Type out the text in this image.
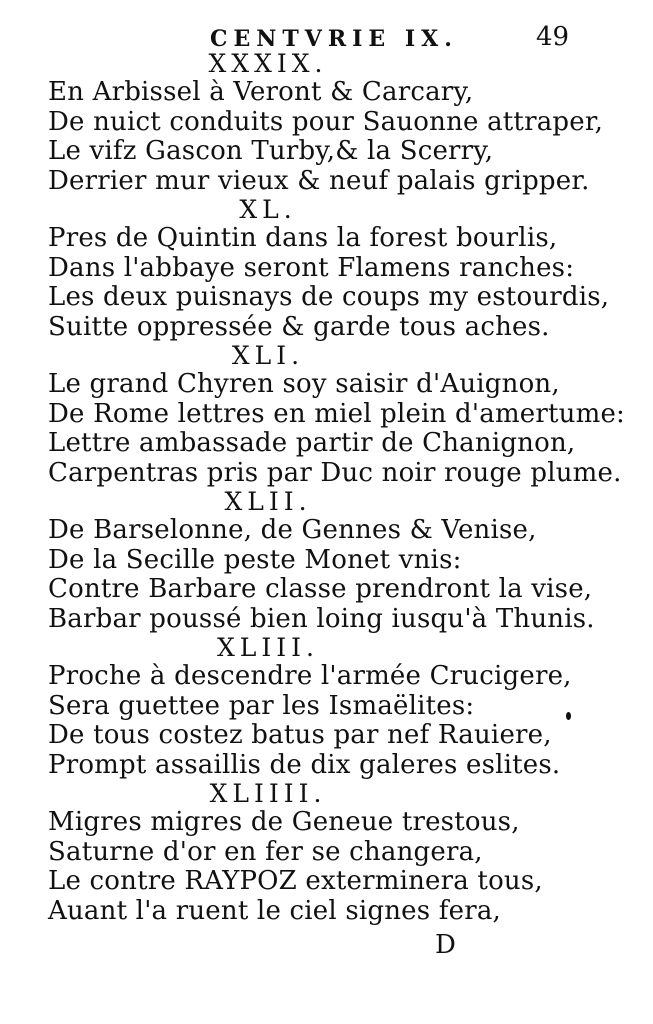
CENTVRIE IX.	49
XXXIX.
En Arbissel à Veront & Carcary,
De nuict conduits pour Sauonne attraper,
Le vifz Gascon Turby,& la Scerry,
Derrier mur vieux & neuf palais gripper.
XL.
Pres de Quintin dans la forest bourlis,
Dans l'abbaye seront Flamens ranches:
Les deux puisnays de coups my estourdis,
Suitte oppressée & garde tous aches.
XLI.
Le grand Chyren soy saisir d'Auignon,
De Rome lettres en miel plein d'amertume:
Lettre ambassade partir de Chanignon,
Carpentras pris par Duc noir rouge plume.
XLII.
De Barselonne, de Gennes & Venise,
De la Secille peste Monet vnis:
Contre Barbare classe prendront la vise,
Barbar poussé bien loing iusqu'à Thunis.
XLIII.
Proche à descendre l'armée Crucigere,
Sera guettee par les Ismaëlites:
De tous costez batus par nef Rauiere,
Prompt assaillis de dix galeres eslites.
XLIIII.
Migres migres de Geneue trestous,
Saturne d'or en fer se changera,
Le contre RAYPOZ exterminera tous,
Auant l'a ruent le ciel signes fera,
D
